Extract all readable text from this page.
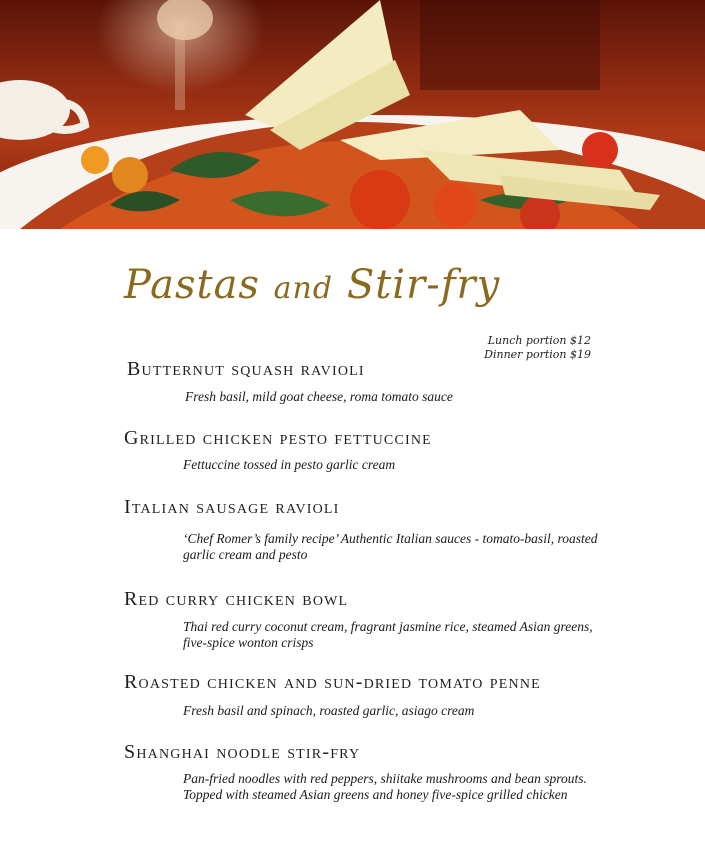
Pastas and Stir-fry
Lunch portion $12
Dinner portion $19
Butternut squash ravioli

Fresh basil, mild goat cheese, roma tomato sauce

Grilled chicken pesto fettuccine

Fettuccine tossed in pesto garlic cream

Italian sausage ravioli

‘Chef Romer’s family recipe’ Authentic Italian sauces - tomato-basil, roasted garlic cream and pesto

Red curry chicken bowl

Thai red curry coconut cream, fragrant jasmine rice, steamed Asian greens, five-spice wonton crisps

Roasted chicken and sun-dried tomato penne

Fresh basil and spinach, roasted garlic, asiago cream

Shanghai noodle stir-fry

Pan-fried noodles with red peppers, shiitake mushrooms and bean sprouts. Topped with steamed Asian greens and honey five-spice grilled chicken
